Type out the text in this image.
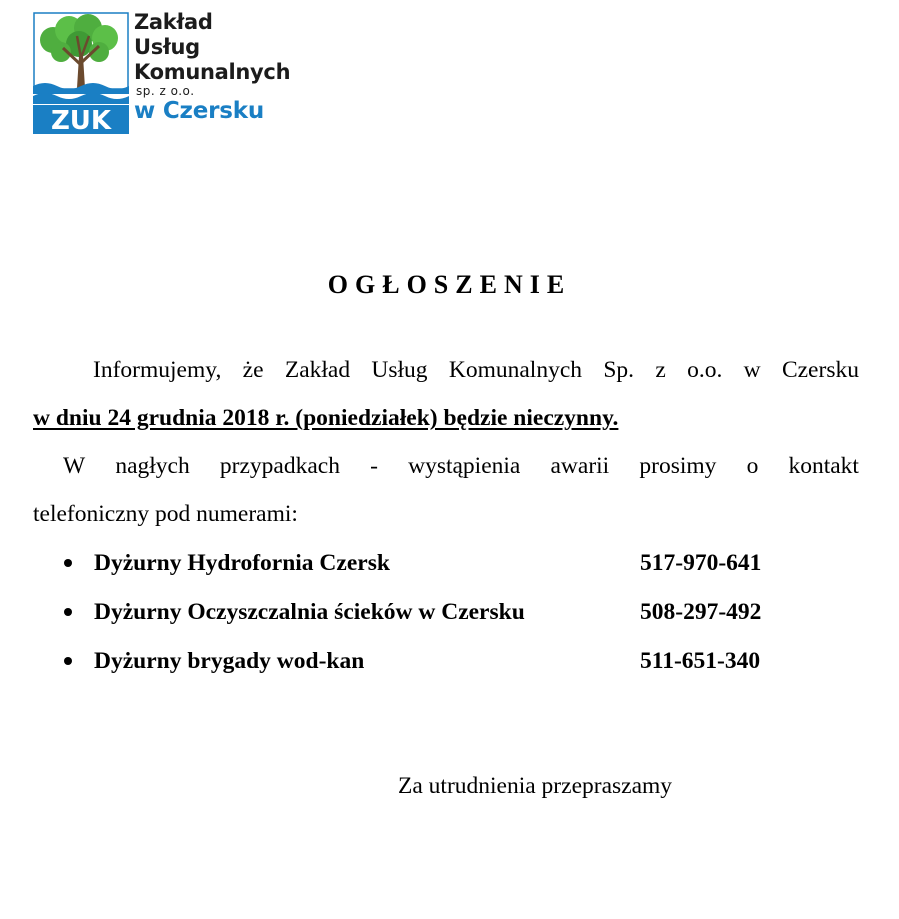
ZUK
Zakład
Usług
Komunalnych
sp. z o.o.
w Czersku
OGŁOSZENIE
Informujemy, że Zakład Usług Komunalnych Sp. z o.o. w Czersku
w dniu 24 grudnia 2018 r. (poniedziałek) będzie nieczynny.
W nagłych przypadkach - wystąpienia awarii prosimy o kontakt
telefoniczny pod numerami:
Dyżurny Hydrofornia Czersk	517-970-641
Dyżurny Oczyszczalnia ścieków w Czersku	508-297-492
Dyżurny brygady wod-kan	511-651-340
Za utrudnienia przepraszamy
